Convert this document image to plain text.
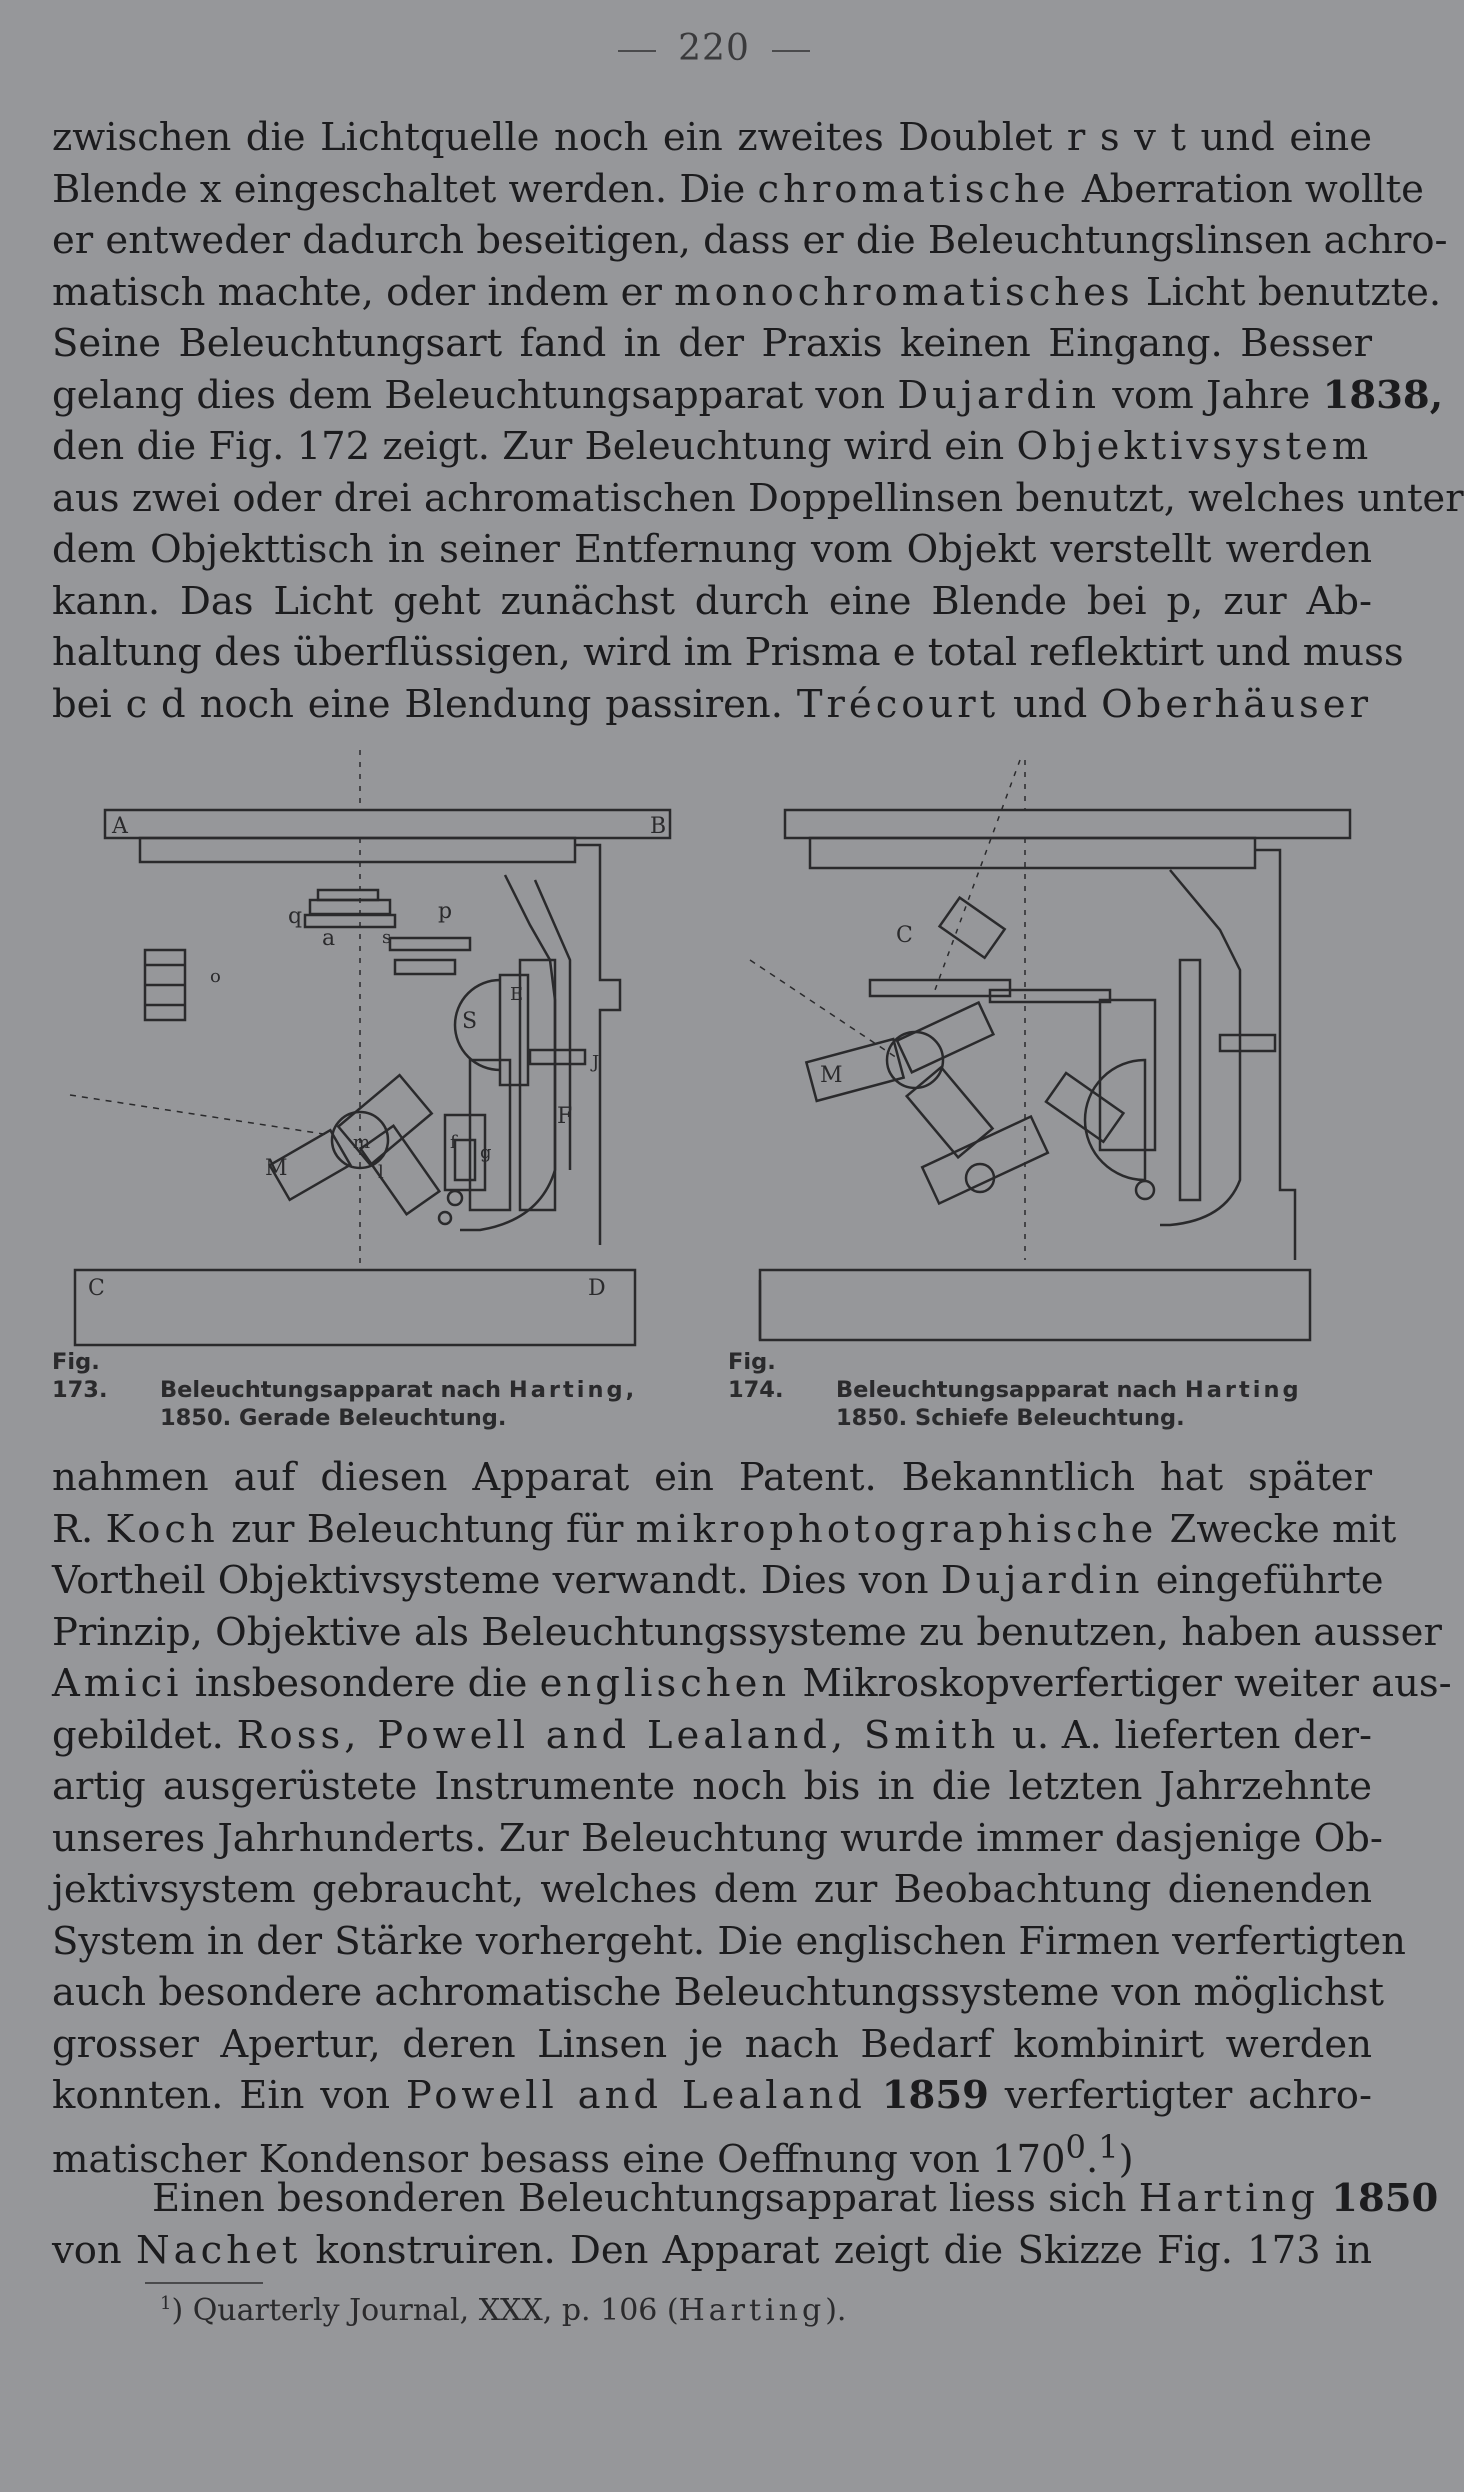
220
zwischen die Lichtquelle noch ein zweites Doublet r s v t und eine
Blende x eingeschaltet werden. Die chromatische Aberration wollte
er entweder dadurch beseitigen, dass er die Beleuchtungslinsen achro-
matisch machte, oder indem er monochromatisches Licht benutzte.
Seine Beleuchtungsart fand in der Praxis keinen Eingang. Besser
gelang dies dem Beleuchtungsapparat von Dujardin vom Jahre 1838,
den die Fig. 172 zeigt. Zur Beleuchtung wird ein Objektivsystem
aus zwei oder drei achromatischen Doppellinsen benutzt, welches unter
dem Objekttisch in seiner Entfernung vom Objekt verstellt werden
kann. Das Licht geht zunächst durch eine Blende bei p, zur Ab-
haltung des überflüssigen, wird im Prisma e total reflektirt und muss
bei c d noch eine Blendung passiren. Trécourt und Oberhäuser
A	B
C	D
q
a	s
p
o
S
E
J
F
M
m
l
f g
C
M
Fig. 173. Beleuchtungsapparat nach Harting,
1850. Gerade Beleuchtung.
Fig. 174. Beleuchtungsapparat nach Harting
1850. Schiefe Beleuchtung.
nahmen auf diesen Apparat ein Patent. Bekanntlich hat später
R. Koch zur Beleuchtung für mikrophotographische Zwecke mit
Vortheil Objektivsysteme verwandt. Dies von Dujardin eingeführte
Prinzip, Objektive als Beleuchtungssysteme zu benutzen, haben ausser
Amici insbesondere die englischen Mikroskopverfertiger weiter aus-
gebildet. Ross, Powell and Lealand, Smith u. A. lieferten der-
artig ausgerüstete Instrumente noch bis in die letzten Jahrzehnte
unseres Jahrhunderts. Zur Beleuchtung wurde immer dasjenige Ob-
jektivsystem gebraucht, welches dem zur Beobachtung dienenden
System in der Stärke vorhergeht. Die englischen Firmen verfertigten
auch besondere achromatische Beleuchtungssysteme von möglichst
grosser Apertur, deren Linsen je nach Bedarf kombinirt werden
konnten. Ein von Powell and Lealand 1859 verfertigter achro-
matischer Kondensor besass eine Oeffnung von $170^0.^1$)
Einen besonderen Beleuchtungsapparat liess sich Harting 1850
von Nachet konstruiren. Den Apparat zeigt die Skizze Fig. 173 in
$^1$) Quarterly Journal, XXX, p. 106 (Harting).
